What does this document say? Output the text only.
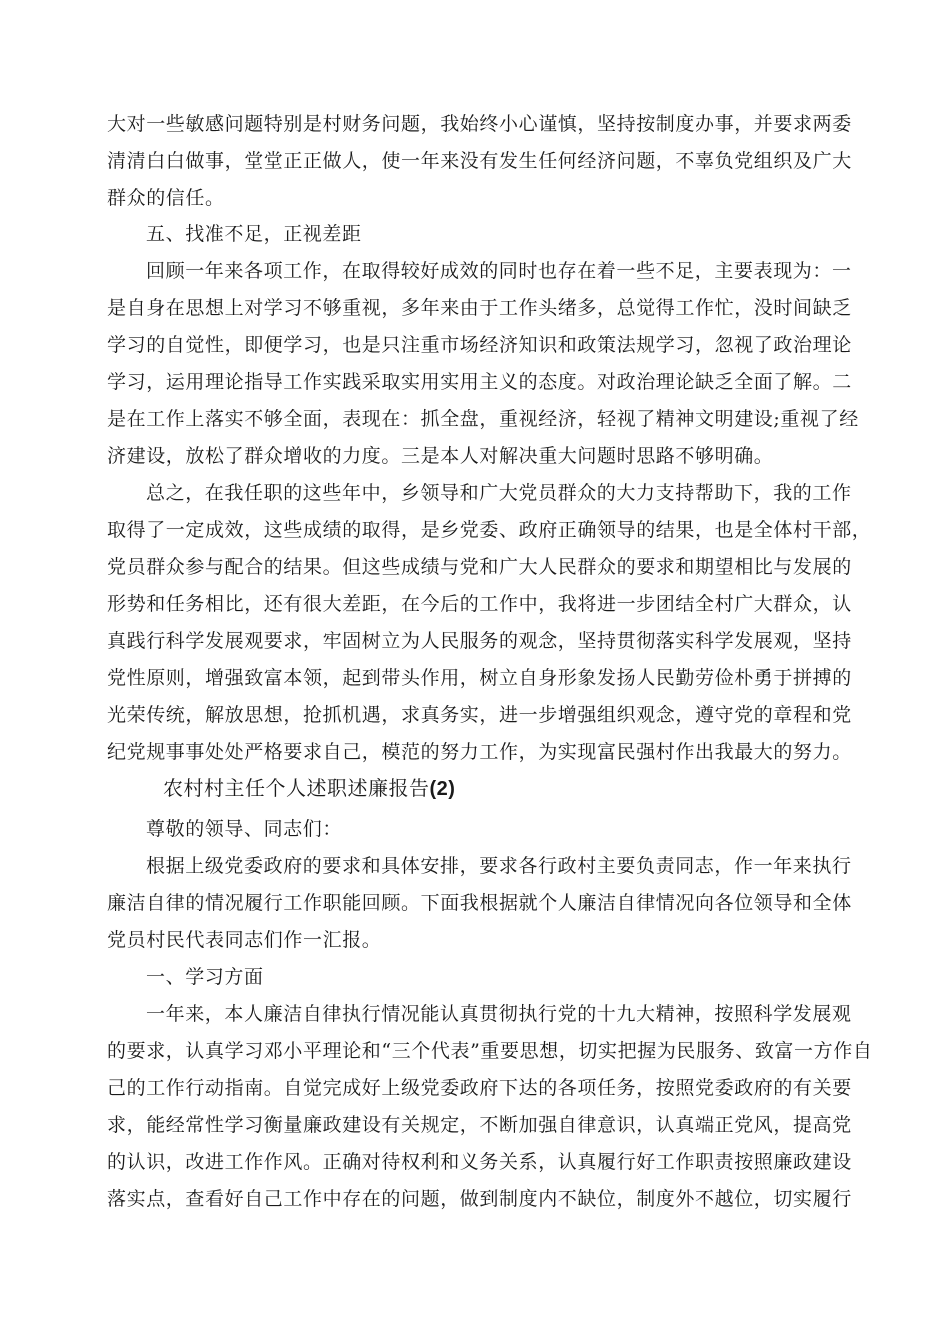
大对一些敏感问题特别是村财务问题，我始终小心谨慎，坚持按制度办事，并要求两委
清清白白做事，堂堂正正做人，使一年来没有发生任何经济问题，不辜负党组织及广大
群众的信任。
五、找准不足，正视差距
回顾一年来各项工作，在取得较好成效的同时也存在着一些不足，主要表现为：一
是自身在思想上对学习不够重视，多年来由于工作头绪多，总觉得工作忙，没时间缺乏
学习的自觉性，即便学习，也是只注重市场经济知识和政策法规学习，忽视了政治理论
学习，运用理论指导工作实践采取实用实用主义的态度。对政治理论缺乏全面了解。二
是在工作上落实不够全面，表现在：抓全盘，重视经济，轻视了精神文明建设;重视了经
济建设，放松了群众增收的力度。三是本人对解决重大问题时思路不够明确。
总之，在我任职的这些年中，乡领导和广大党员群众的大力支持帮助下，我的工作
取得了一定成效，这些成绩的取得，是乡党委、政府正确领导的结果，也是全体村干部，
党员群众参与配合的结果。但这些成绩与党和广大人民群众的要求和期望相比与发展的
形势和任务相比，还有很大差距，在今后的工作中，我将进一步团结全村广大群众，认
真践行科学发展观要求，牢固树立为人民服务的观念，坚持贯彻落实科学发展观，坚持
党性原则，增强致富本领，起到带头作用，树立自身形象发扬人民勤劳俭朴勇于拼搏的
光荣传统，解放思想，抢抓机遇，求真务实，进一步增强组织观念，遵守党的章程和党
纪党规事事处处严格要求自己，模范的努力工作，为实现富民强村作出我最大的努力。
农村村主任个人述职述廉报告(2)
尊敬的领导、同志们：
根据上级党委政府的要求和具体安排，要求各行政村主要负责同志，作一年来执行
廉洁自律的情况履行工作职能回顾。下面我根据就个人廉洁自律情况向各位领导和全体
党员村民代表同志们作一汇报。
一、学习方面
一年来，本人廉洁自律执行情况能认真贯彻执行党的十九大精神，按照科学发展观
的要求，认真学习邓小平理论和“三个代表”重要思想，切实把握为民服务、致富一方作自
己的工作行动指南。自觉完成好上级党委政府下达的各项任务，按照党委政府的有关要
求，能经常性学习衡量廉政建设有关规定，不断加强自律意识，认真端正党风，提高党
的认识，改进工作作风。正确对待权利和义务关系，认真履行好工作职责按照廉政建设
落实点，查看好自己工作中存在的问题，做到制度内不缺位，制度外不越位，切实履行
